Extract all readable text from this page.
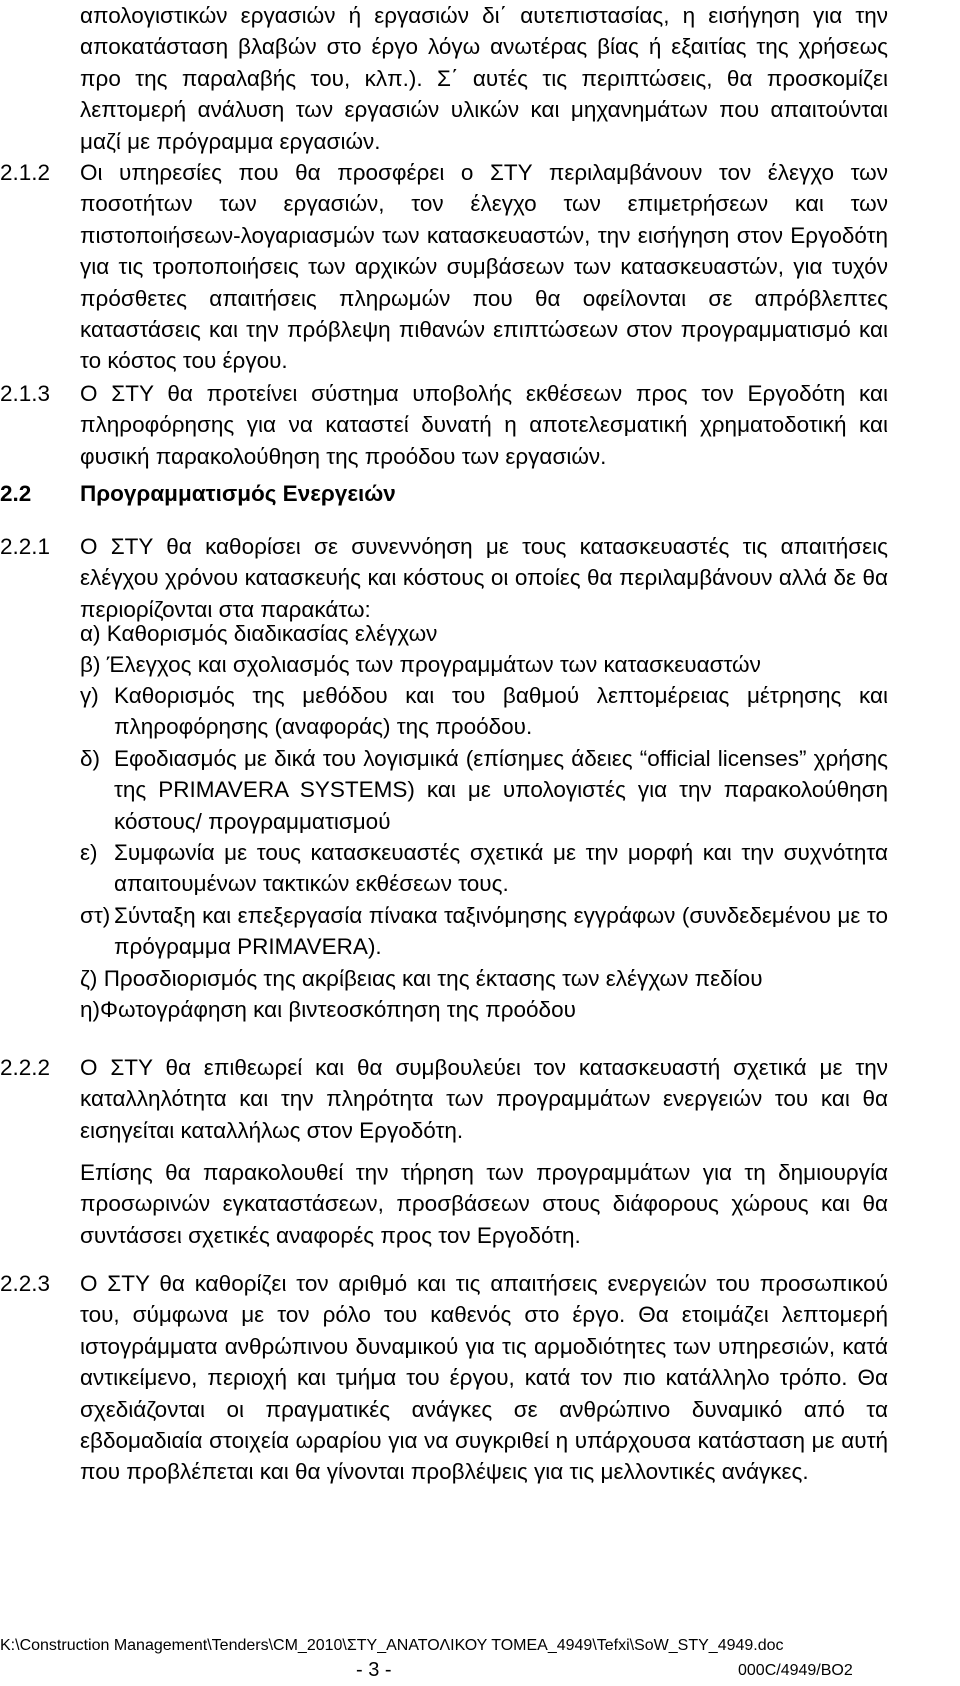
απολογιστικών εργασιών ή εργασιών δι΄ αυτεπιστασίας, η εισήγηση για την αποκατάσταση βλαβών στο έργο λόγω ανωτέρας βίας ή εξαιτίας της χρήσεως προ της παραλαβής του, κλπ.). Σ΄ αυτές τις περιπτώσεις, θα προσκομίζει λεπτομερή ανάλυση των εργασιών υλικών και μηχανημάτων που απαιτούνται μαζί με πρόγραμμα εργασιών.
2.1.2 Οι υπηρεσίες που θα προσφέρει ο ΣΤΥ περιλαμβάνουν τον έλεγχο των ποσοτήτων των εργασιών, τον έλεγχο των επιμετρήσεων και των πιστοποιήσεων-λογαριασμών των κατασκευαστών, την εισήγηση στον Εργοδότη για τις τροποποιήσεις των αρχικών συμβάσεων των κατασκευαστών, για τυχόν πρόσθετες απαιτήσεις πληρωμών που θα οφείλονται σε απρόβλεπτες καταστάσεις και την πρόβλεψη πιθανών επιπτώσεων στον προγραμματισμό και το κόστος του έργου.
2.1.3 Ο ΣΤΥ θα προτείνει σύστημα υποβολής εκθέσεων προς τον Εργοδότη και πληροφόρησης για να καταστεί δυνατή η αποτελεσματική χρηματοδοτική και φυσική παρακολούθηση της προόδου των εργασιών.
2.2 Προγραμματισμός Ενεργειών
2.2.1 Ο ΣΤΥ θα καθορίσει σε συνεννόηση με τους κατασκευαστές τις απαιτήσεις ελέγχου χρόνου κατασκευής και κόστους οι οποίες θα περιλαμβάνουν αλλά δε θα περιορίζονται στα παρακάτω:
α) Καθορισμός διαδικασίας ελέγχων
β) Έλεγχος και σχολιασμός των προγραμμάτων των κατασκευαστών
γ) Καθορισμός της μεθόδου και του βαθμού λεπτομέρειας μέτρησης και πληροφόρησης (αναφοράς) της προόδου.
δ) Εφοδιασμός με δικά του λογισμικά (επίσημες άδειες “official licenses” χρήσης της PRIMAVERA SYSTEMS) και με υπολογιστές για την παρακολούθηση κόστους/ προγραμματισμού
ε) Συμφωνία με τους κατασκευαστές σχετικά με την μορφή και την συχνότητα απαιτουμένων τακτικών εκθέσεων τους.
στ) Σύνταξη και επεξεργασία πίνακα ταξινόμησης εγγράφων (συνδεδεμένου με το πρόγραμμα PRIMAVERA).
ζ) Προσδιορισμός της ακρίβειας και της έκτασης των ελέγχων πεδίου
η)Φωτογράφηση και βιντεοσκόπηση της προόδου
2.2.2 Ο ΣΤΥ θα επιθεωρεί και θα συμβουλεύει τον κατασκευαστή σχετικά με την καταλληλότητα και την πληρότητα των προγραμμάτων ενεργειών του και θα εισηγείται καταλλήλως στον Εργοδότη.
Επίσης θα παρακολουθεί την τήρηση των προγραμμάτων για τη δημιουργία προσωρινών εγκαταστάσεων, προσβάσεων στους διάφορους χώρους και θα συντάσσει σχετικές αναφορές προς τον Εργοδότη.
2.2.3 Ο ΣΤΥ θα καθορίζει τον αριθμό και τις απαιτήσεις ενεργειών του προσωπικού του, σύμφωνα με τον ρόλο του καθενός στο έργο. Θα ετοιμάζει λεπτομερή ιστογράμματα ανθρώπινου δυναμικού για τις αρμοδιότητες των υπηρεσιών, κατά αντικείμενο, περιοχή και τμήμα του έργου, κατά τον πιο κατάλληλο τρόπο. Θα σχεδιάζονται οι πραγματικές ανάγκες σε ανθρώπινο δυναμικό από τα εβδομαδιαία στοιχεία ωραρίου για να συγκριθεί η υπάρχουσα κατάσταση με αυτή που προβλέπεται και θα γίνονται προβλέψεις για τις μελλοντικές ανάγκες.
K:\Construction Management\Tenders\CM_2010\ΣΤΥ_ΑΝΑΤΟΛΙΚΟΥ ΤΟΜΕΑ_4949\Tefxi\SoW_STY_4949.doc
- 3 -	000C/4949/BO2
